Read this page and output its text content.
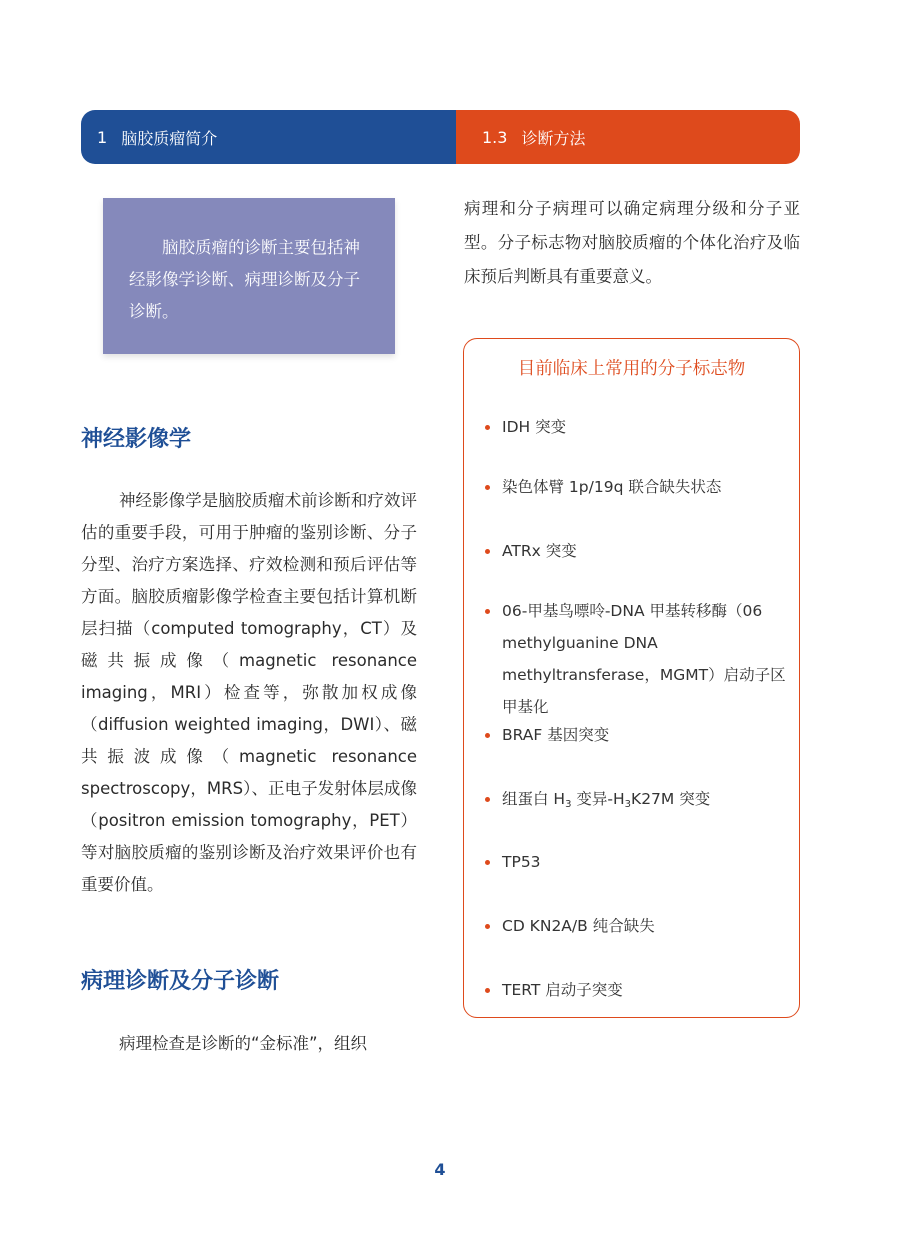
1 脑胶质瘤简介	1.3 诊断方法

脑胶质瘤的诊断主要包括神经影像学诊断、病理诊断及分子诊断。

神经影像学

神经影像学是脑胶质瘤术前诊断和疗效评估的重要手段，可用于肿瘤的鉴别诊断、分子分型、治疗方案选择、疗效检测和预后评估等方面。脑胶质瘤影像学检查主要包括计算机断层扫描（computed tomography，CT）及磁共振成像（magnetic resonance imaging，MRI）检查等，弥散加权成像（diffusion weighted imaging，DWI）、磁共振波成像（magnetic resonance spectroscopy，MRS）、正电子发射体层成像（positron emission tomography，PET）等对脑胶质瘤的鉴别诊断及治疗效果评价也有重要价值。

病理诊断及分子诊断

病理检查是诊断的“金标准”，组织

病理和分子病理可以确定病理分级和分子亚型。分子标志物对脑胶质瘤的个体化治疗及临床预后判断具有重要意义。

目前临床上常用的分子标志物
IDH 突变
染色体臂 1p/19q 联合缺失状态
ATRx 突变
06-甲基鸟嘌呤-DNA 甲基转移酶（06 methylguanine DNA methyltransferase，MGMT）启动子区甲基化
BRAF 基因突变
组蛋白 $H_3$ 变异$-H_3K27M$ 突变
TP53
CD KN2A/B 纯合缺失
TERT 启动子突变
4
